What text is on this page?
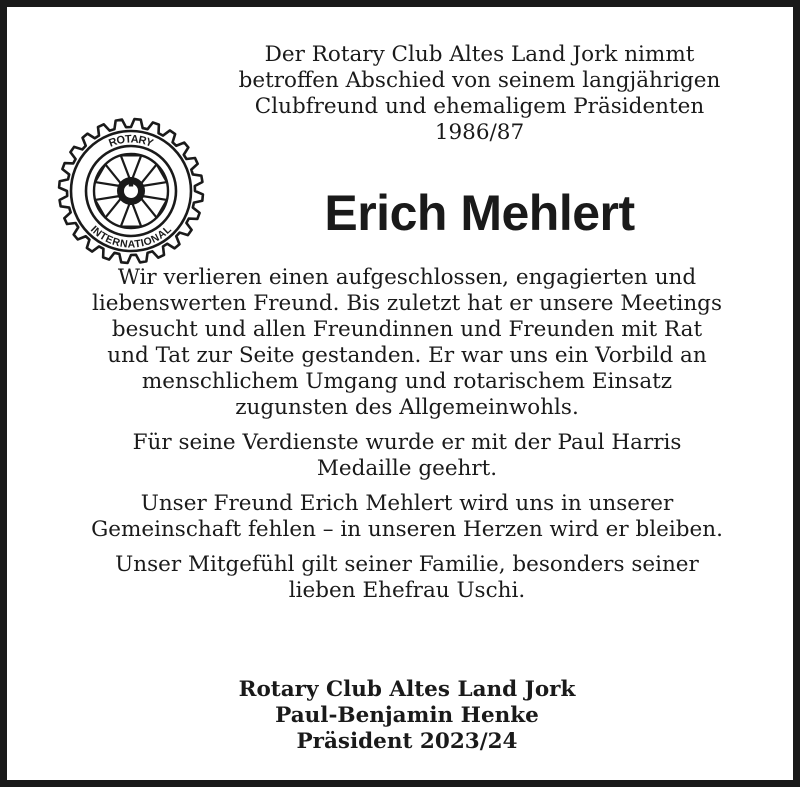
Der Rotary Club Altes Land Jork nimmt
betroffen Abschied von seinem langjährigen
Clubfreund und ehemaligem Präsidenten
1986/87
ROTARY
INTERNATIONAL	Erich Mehlert
Wir verlieren einen aufgeschlossen, engagierten und
liebenswerten Freund. Bis zuletzt hat er unsere Meetings
besucht und allen Freundinnen und Freunden mit Rat
und Tat zur Seite gestanden. Er war uns ein Vorbild an
menschlichem Umgang und rotarischem Einsatz
zugunsten des Allgemeinwohls.
Für seine Verdienste wurde er mit der Paul Harris
Medaille geehrt.
Unser Freund Erich Mehlert wird uns in unserer
Gemeinschaft fehlen – in unseren Herzen wird er bleiben.
Unser Mitgefühl gilt seiner Familie, besonders seiner
lieben Ehefrau Uschi.
Rotary Club Altes Land Jork
Paul-Benjamin Henke
Präsident 2023/24
